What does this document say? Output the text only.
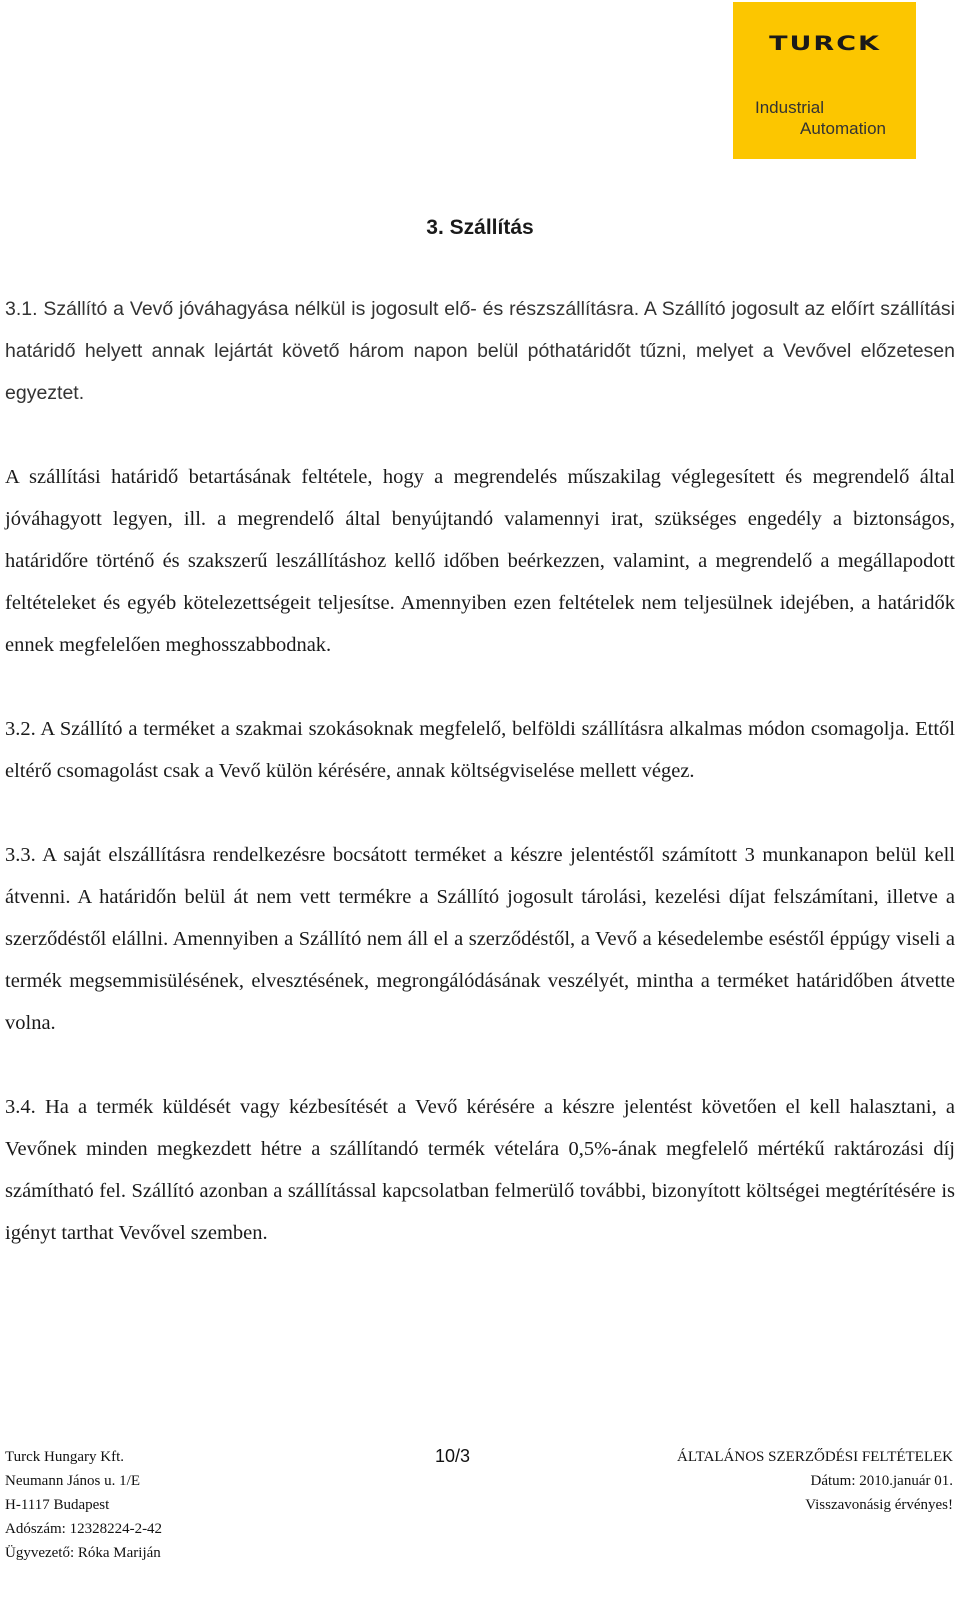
TURCK
Industrial
Automation
3. Szállítás

3.1. Szállító a Vevő jóváhagyása nélkül is jogosult elő- és részszállításra. A Szállító jogosult az előírt szállítási határidő helyett annak lejártát követő három napon belül póthatáridőt tűzni, melyet a Vevővel előzetesen egyeztet.

A szállítási határidő betartásának feltétele, hogy a megrendelés műszakilag véglegesített és megrendelő által jóváhagyott legyen, ill. a megrendelő által benyújtandó valamennyi irat, szükséges engedély a biztonságos, határidőre történő és szakszerű leszállításhoz kellő időben beérkezzen, valamint, a megrendelő a megállapodott feltételeket és egyéb kötelezettségeit teljesítse. Amennyiben ezen feltételek nem teljesülnek idejében, a határidők ennek megfelelően meghosszabbodnak.

3.2. A Szállító a terméket a szakmai szokásoknak megfelelő, belföldi szállításra alkalmas módon csomagolja. Ettől eltérő csomagolást csak a Vevő külön kérésére, annak költségviselése mellett végez.

3.3. A saját elszállításra rendelkezésre bocsátott terméket a készre jelentéstől számított 3 munkanapon belül kell átvenni. A határidőn belül át nem vett termékre a Szállító jogosult tárolási, kezelési díjat felszámítani, illetve a szerződéstől elállni. Amennyiben a Szállító nem áll el a szerződéstől, a Vevő a késedelembe eséstől éppúgy viseli a termék megsemmisülésének, elvesztésének, megrongálódásának veszélyét, mintha a terméket határidőben átvette volna.

3.4. Ha a termék küldését vagy kézbesítését a Vevő kérésére a készre jelentést követően el kell halasztani, a Vevőnek minden megkezdett hétre a szállítandó termék vételára 0,5%-ának megfelelő mértékű raktározási díj számítható fel. Szállító azonban a szállítással kapcsolatban felmerülő további, bizonyított költségei megtérítésére is igényt tarthat Vevővel szemben.

Turck Hungary Kft.	10/3	ÁLTALÁNOS SZERZŐDÉSI FELTÉTELEK
Neumann János u. 1/E	Dátum: 2010.január 01.
H-1117 Budapest	Visszavonásig érvényes!
Adószám: 12328224-2-42
Ügyvezető: Róka Mariján
